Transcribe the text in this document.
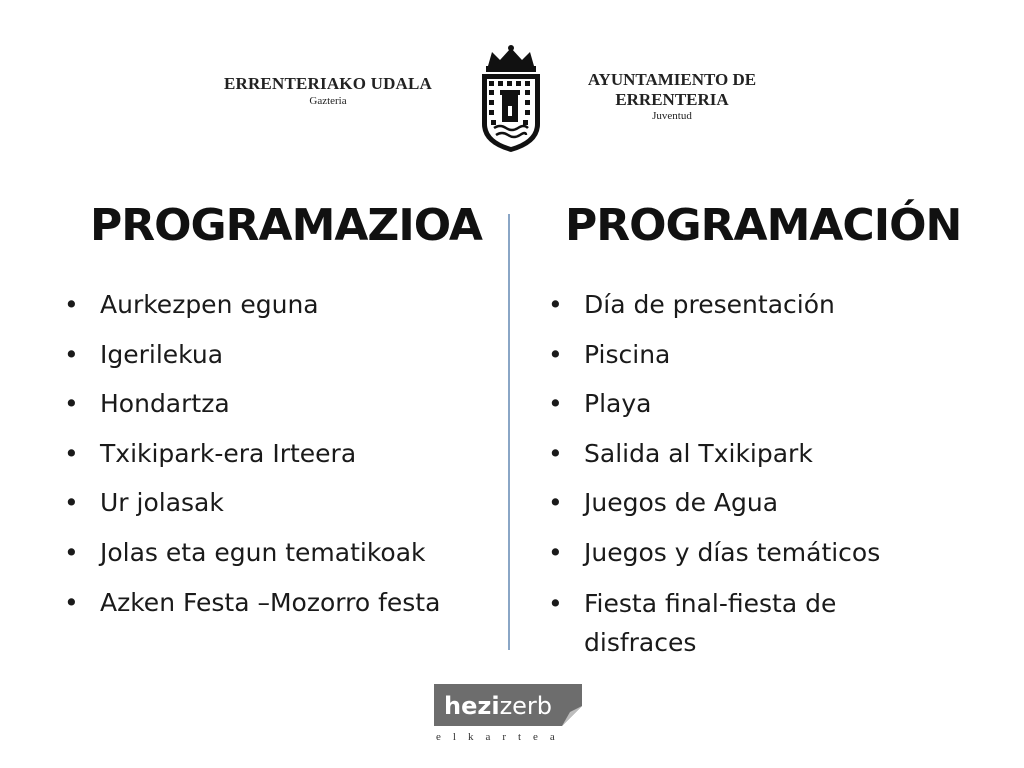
ERRENTERIAKO UDALA
Gazteria
AYUNTAMIENTO DE
ERRENTERIA
Juventud
PROGRAMAZIOA PROGRAMACIÓN
• Aurkezpen eguna
• Igerilekua
• Hondartza
• Txikipark-era Irteera
• Ur jolasak
• Jolas eta egun tematikoak
• Azken Festa –Mozorro festa
• Día de presentación
• Piscina
• Playa
• Salida al Txikipark
• Juegos de Agua
• Juegos y días temáticos
• Fiesta final-fiesta de disfraces
hezizerb
elkartea
